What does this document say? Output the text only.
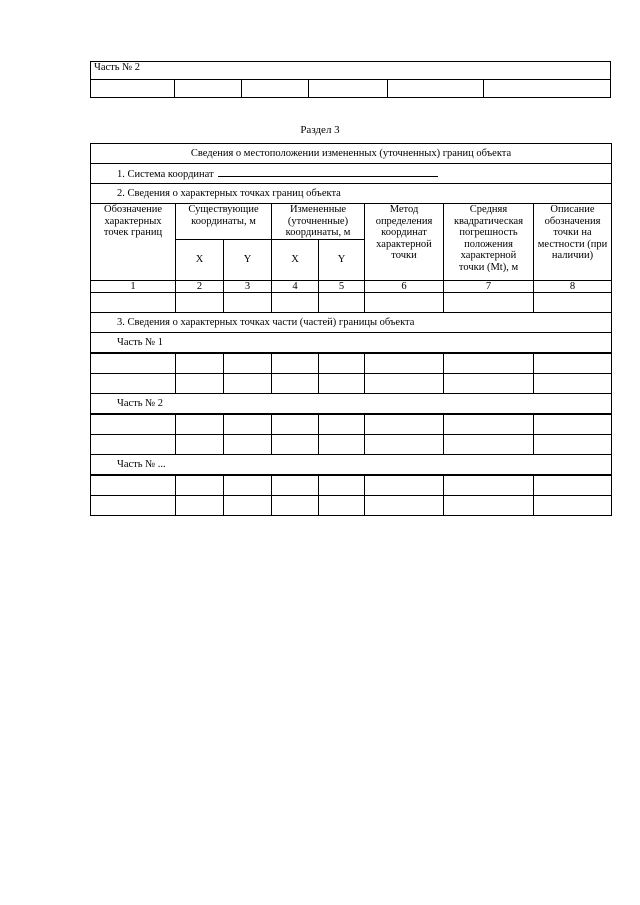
Часть № 2

Раздел 3
Сведения о местоположении измененных (уточненных) границ объекта							
1. Система координат							
2. Сведения о характерных точках границ объекта							
Обозначение характерных точек границ	Существующие координаты, м		Измененные (уточненные) координаты, м		Метод определения координат характерной точки	Средняя квадратическая погрешность положения характерной точки (Mt), м	Описание обозначения точки на местности (при наличии)
	X	Y	X	Y			
1	2	3	4	5	6	7	8

3. Сведения о характерных точках части (частей) границы объекта							
Часть № 1							

Часть № 2							

Часть № ...							
